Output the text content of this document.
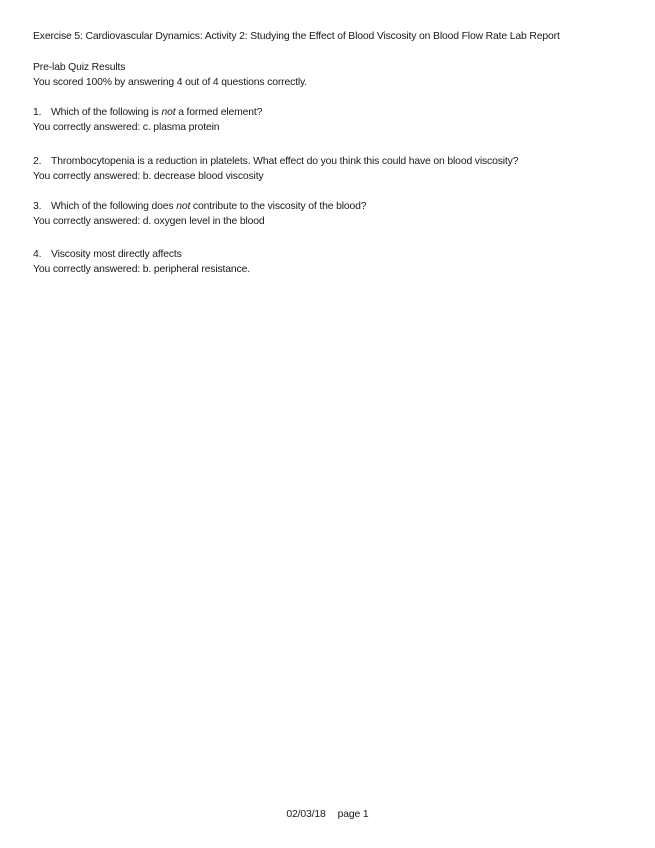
Exercise 5: Cardiovascular Dynamics: Activity 2: Studying the Effect of Blood Viscosity on Blood Flow Rate Lab Report
Pre-lab Quiz Results
You scored 100% by answering 4 out of 4 questions correctly.
1. Which of the following is not a formed element?
You correctly answered: c. plasma protein
2. Thrombocytopenia is a reduction in platelets. What effect do you think this could have on blood viscosity?
You correctly answered: b. decrease blood viscosity
3. Which of the following does not contribute to the viscosity of the blood?
You correctly answered: d. oxygen level in the blood
4. Viscosity most directly affects
You correctly answered: b. peripheral resistance.
02/03/18 page 1
